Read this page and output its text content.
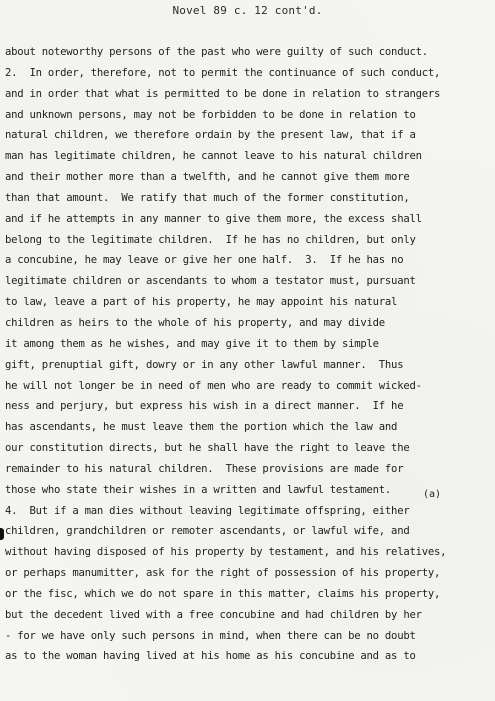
Novel 89 c. 12 cont'd.
about noteworthy persons of the past who were guilty of such conduct.
2.  In order, therefore, not to permit the continuance of such conduct,
and in order that what is permitted to be done in relation to strangers
and unknown persons, may not be forbidden to be done in relation to
natural children, we therefore ordain by the present law, that if a
man has legitimate children, he cannot leave to his natural children
and their mother more than a twelfth, and he cannot give them more
than that amount.  We ratify that much of the former constitution,
and if he attempts in any manner to give them more, the excess shall
belong to the legitimate children.  If he has no children, but only
a concubine, he may leave or give her one half.  3.  If he has no
legitimate children or ascendants to whom a testator must, pursuant
to law, leave a part of his property, he may appoint his natural
children as heirs to the whole of his property, and may divide
it among them as he wishes, and may give it to them by simple
gift, prenuptial gift, dowry or in any other lawful manner.  Thus
he will not longer be in need of men who are ready to commit wicked-
ness and perjury, but express his wish in a direct manner.  If he
has ascendants, he must leave them the portion which the law and
our constitution directs, but he shall have the right to leave the
remainder to his natural children.  These provisions are made for
those who state their wishes in a written and lawful testament.
4.  But if a man dies without leaving legitimate offspring, either
children, grandchildren or remoter ascendants, or lawful wife, and
without having disposed of his property by testament, and his relatives,
or perhaps manumitter, ask for the right of possession of his property,
or the fisc, which we do not spare in this matter, claims his property,
but the decedent lived with a free concubine and had children by her
- for we have only such persons in mind, when there can be no doubt
as to the woman having lived at his home as his concubine and as to
(a)
